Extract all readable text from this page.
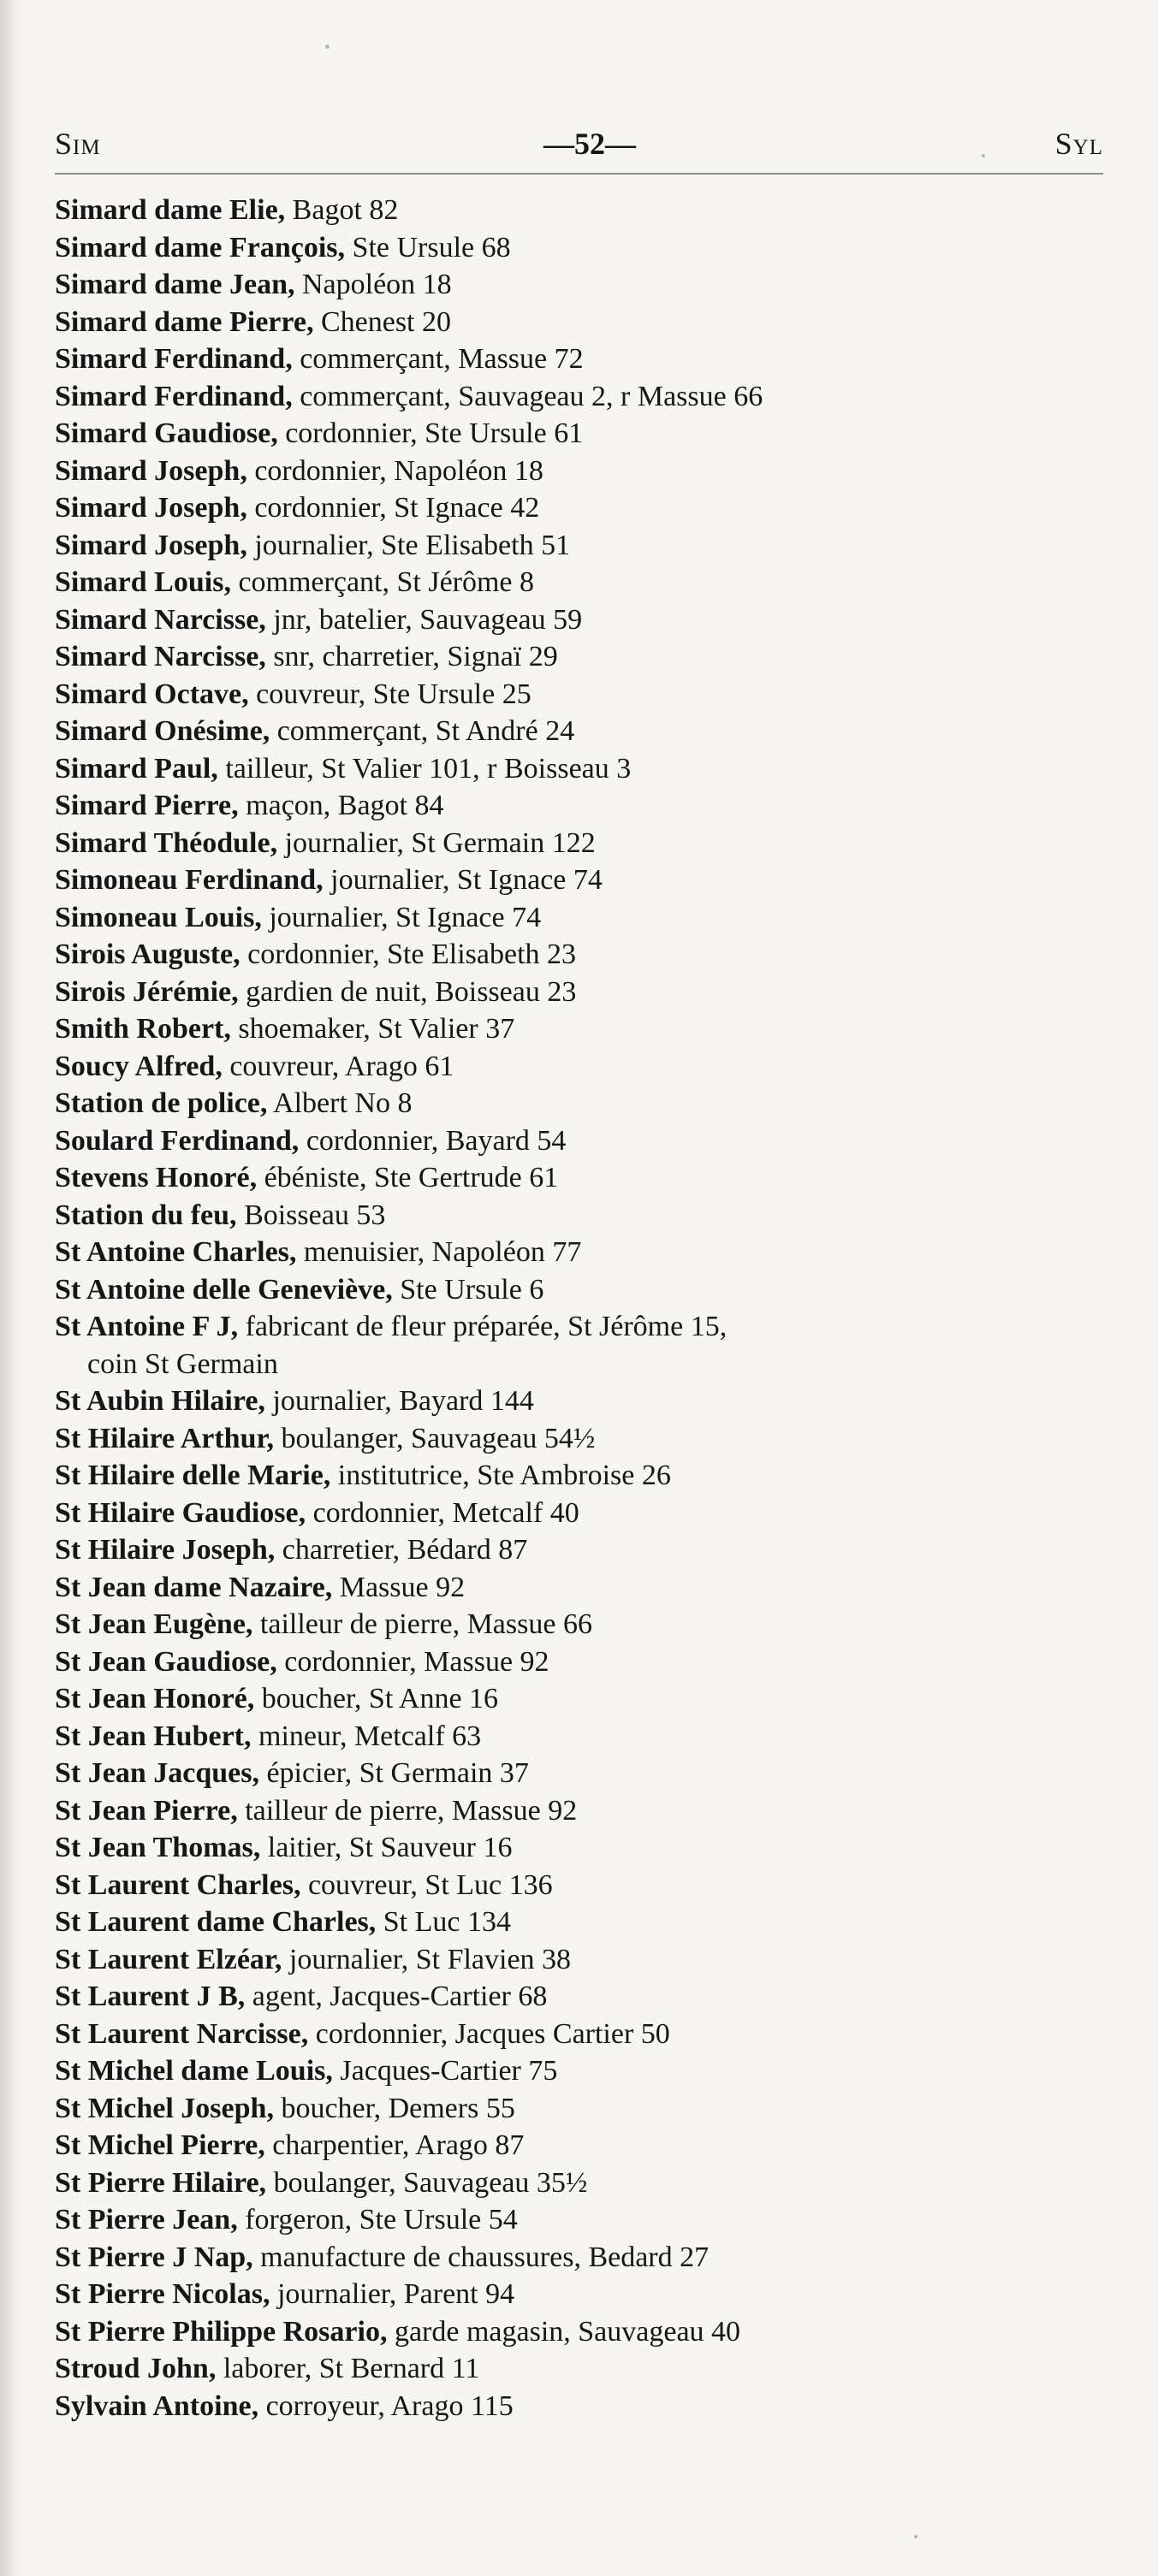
Sim	—52—	Syl
Simard dame Elie, Bagot 82
Simard dame François, Ste Ursule 68
Simard dame Jean, Napoléon 18
Simard dame Pierre, Chenest 20
Simard Ferdinand, commerçant, Massue 72
Simard Ferdinand, commerçant, Sauvageau 2, r Massue 66
Simard Gaudiose, cordonnier, Ste Ursule 61
Simard Joseph, cordonnier, Napoléon 18
Simard Joseph, cordonnier, St Ignace 42
Simard Joseph, journalier, Ste Elisabeth 51
Simard Louis, commerçant, St Jérôme 8
Simard Narcisse, jnr, batelier, Sauvageau 59
Simard Narcisse, snr, charretier, Signaï 29
Simard Octave, couvreur, Ste Ursule 25
Simard Onésime, commerçant, St André 24
Simard Paul, tailleur, St Valier 101, r Boisseau 3
Simard Pierre, maçon, Bagot 84
Simard Théodule, journalier, St Germain 122
Simoneau Ferdinand, journalier, St Ignace 74
Simoneau Louis, journalier, St Ignace 74
Sirois Auguste, cordonnier, Ste Elisabeth 23
Sirois Jérémie, gardien de nuit, Boisseau 23
Smith Robert, shoemaker, St Valier 37
Soucy Alfred, couvreur, Arago 61
Station de police, Albert No 8
Soulard Ferdinand, cordonnier, Bayard 54
Stevens Honoré, ébéniste, Ste Gertrude 61
Station du feu, Boisseau 53
St Antoine Charles, menuisier, Napoléon 77
St Antoine delle Geneviève, Ste Ursule 6
St Antoine F J, fabricant de fleur préparée, St Jérôme 15,
coin St Germain
St Aubin Hilaire, journalier, Bayard 144
St Hilaire Arthur, boulanger, Sauvageau 54½
St Hilaire delle Marie, institutrice, Ste Ambroise 26
St Hilaire Gaudiose, cordonnier, Metcalf 40
St Hilaire Joseph, charretier, Bédard 87
St Jean dame Nazaire, Massue 92
St Jean Eugène, tailleur de pierre, Massue 66
St Jean Gaudiose, cordonnier, Massue 92
St Jean Honoré, boucher, St Anne 16
St Jean Hubert, mineur, Metcalf 63
St Jean Jacques, épicier, St Germain 37
St Jean Pierre, tailleur de pierre, Massue 92
St Jean Thomas, laitier, St Sauveur 16
St Laurent Charles, couvreur, St Luc 136
St Laurent dame Charles, St Luc 134
St Laurent Elzéar, journalier, St Flavien 38
St Laurent J B, agent, Jacques-Cartier 68
St Laurent Narcisse, cordonnier, Jacques Cartier 50
St Michel dame Louis, Jacques-Cartier 75
St Michel Joseph, boucher, Demers 55
St Michel Pierre, charpentier, Arago 87
St Pierre Hilaire, boulanger, Sauvageau 35½
St Pierre Jean, forgeron, Ste Ursule 54
St Pierre J Nap, manufacture de chaussures, Bedard 27
St Pierre Nicolas, journalier, Parent 94
St Pierre Philippe Rosario, garde magasin, Sauvageau 40
Stroud John, laborer, St Bernard 11
Sylvain Antoine, corroyeur, Arago 115
